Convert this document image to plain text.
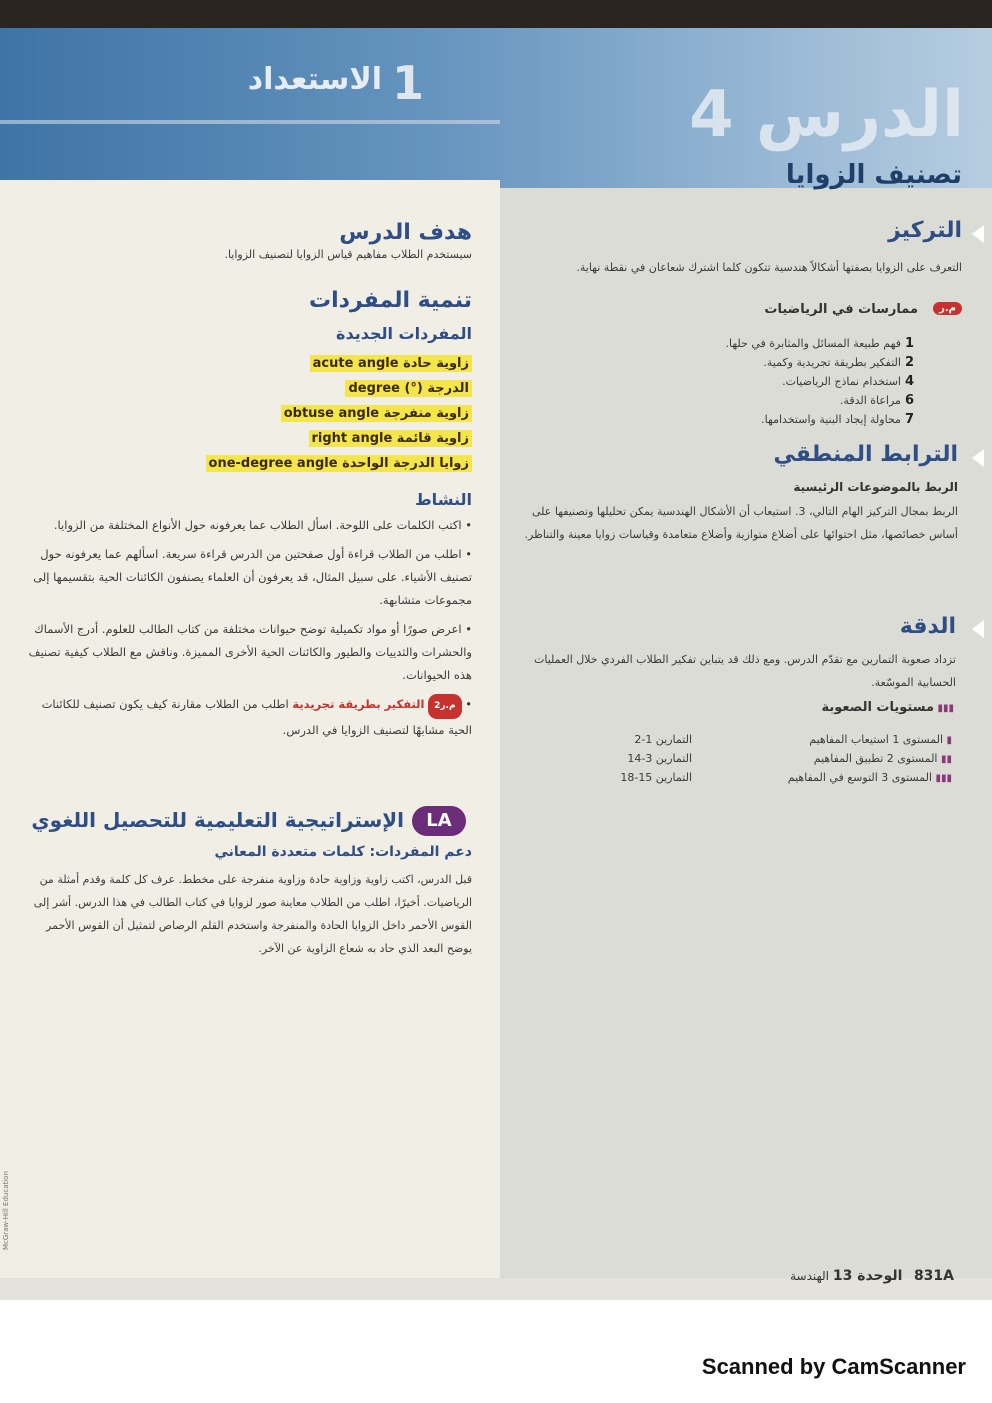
1
الاستعداد	الدرس 4
تصنيف الزوايا
التركيز
التعرف على الزوايا بصفتها أشكالاً هندسية تتكون كلما اشترك شعاعان في نقطة نهاية.
م.ر
ممارسات في الرياضيات
1فهم طبيعة المسائل والمثابرة في حلها.
2التفكير بطريقة تجريدية وكمية.
4استخدام نماذج الرياضيات.
6مراعاة الدقة.
7محاولة إيجاد البنية واستخدامها.
الترابط المنطقي
الربط بالموضوعات الرئيسية
الربط بمجال التركيز الهام التالي، 3. استيعاب أن الأشكال الهندسية يمكن تحليلها وتصنيفها على أساس خصائصها، مثل احتوائها على أضلاع متوازية وأضلاع متعامدة وقياسات زوايا معينة والتناظر.
الدقة
تزداد صعوبة التمارين مع تقدّم الدرس. ومع ذلك قد يتباين تفكير الطلاب الفردي خلال العمليات الحسابية الموسّعة.
▮▮▮ مستويات الصعوبة
▮ المستوى 1 استيعاب المفاهيم
التمارين 1-2
▮▮ المستوى 2 تطبيق المفاهيم
التمارين 3-14
▮▮▮ المستوى 3 التوسع في المفاهيم
التمارين 15-18
هدف الدرس
سيستخدم الطلاب مفاهيم قياس الزوايا لتصنيف الزوايا.
تنمية المفردات
المفردات الجديدة
زاوية حادة acute angle
الدرجة (°) degree
زاوية منفرجة obtuse angle
زاوية قائمة right angle
زوايا الدرجة الواحدة one-degree angle
النشاط
• اكتب الكلمات على اللوحة. اسأل الطلاب عما يعرفونه حول الأنواع المختلفة من الزوايا.
• اطلب من الطلاب قراءة أول صفحتين من الدرس قراءة سريعة. اسألهم عما يعرفونه حول تصنيف الأشياء. على سبيل المثال، قد يعرفون أن العلماء يصنفون الكائنات الحية بتقسيمها إلى مجموعات متشابهة.
• اعرض صورًا أو مواد تكميلية توضح حيوانات مختلفة من كتاب الطالب للعلوم. أدرج الأسماك والحشرات والثدييات والطيور والكائنات الحية الأخرى المميزة. وناقش مع الطلاب كيفية تصنيف هذه الحيوانات.
• م.ر2 التفكير بطريقة تجريدية اطلب من الطلاب مقارنة كيف يكون تصنيف للكائنات الحية مشابهًا لتصنيف الزوايا في الدرس.
LA
الإستراتيجية التعليمية للتحصيل اللغوي
دعم المفردات: كلمات متعددة المعاني
قبل الدرس، اكتب زاوية وزاوية حادة وزاوية منفرجة على مخطط. عرف كل كلمة وقدم أمثلة من الرياضيات. أخيرًا، اطلب من الطلاب معاينة صور لزوايا في كتاب الطالب في هذا الدرس. أشر إلى القوس الأحمر داخل الزوايا الحادة والمنفرجة واستخدم القلم الرصاص لتمثيل أن القوس الأحمر يوضح البعد الذي حاد به شعاع الزاوية عن الآخر.
McGraw-Hill Education
831A   الوحدة 13 الهندسة
Scanned by CamScanner
